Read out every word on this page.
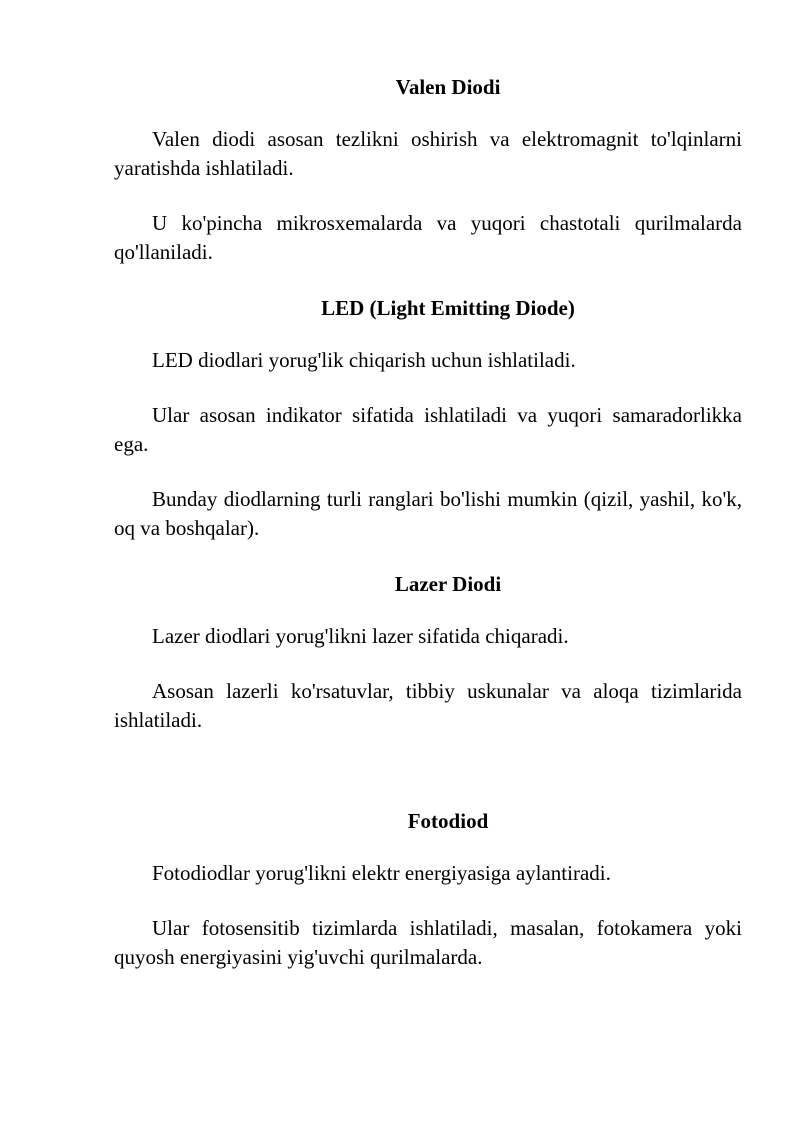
Valen Diodi

Valen diodi asosan tezlikni oshirish va elektromagnit to'lqinlarni yaratishda ishlatiladi.

U ko'pincha mikrosxemalarda va yuqori chastotali qurilmalarda qo'llaniladi.

LED (Light Emitting Diode)

LED diodlari yorug'lik chiqarish uchun ishlatiladi.

Ular asosan indikator sifatida ishlatiladi va yuqori samaradorlikka ega.

Bunday diodlarning turli ranglari bo'lishi mumkin (qizil, yashil, ko'k, oq va boshqalar).

Lazer Diodi

Lazer diodlari yorug'likni lazer sifatida chiqaradi.

Asosan lazerli ko'rsatuvlar, tibbiy uskunalar va aloqa tizimlarida ishlatiladi.

Fotodiod

Fotodiodlar yorug'likni elektr energiyasiga aylantiradi.

Ular fotosensitib tizimlarda ishlatiladi, masalan, fotokamera yoki quyosh energiyasini yig'uvchi qurilmalarda.
